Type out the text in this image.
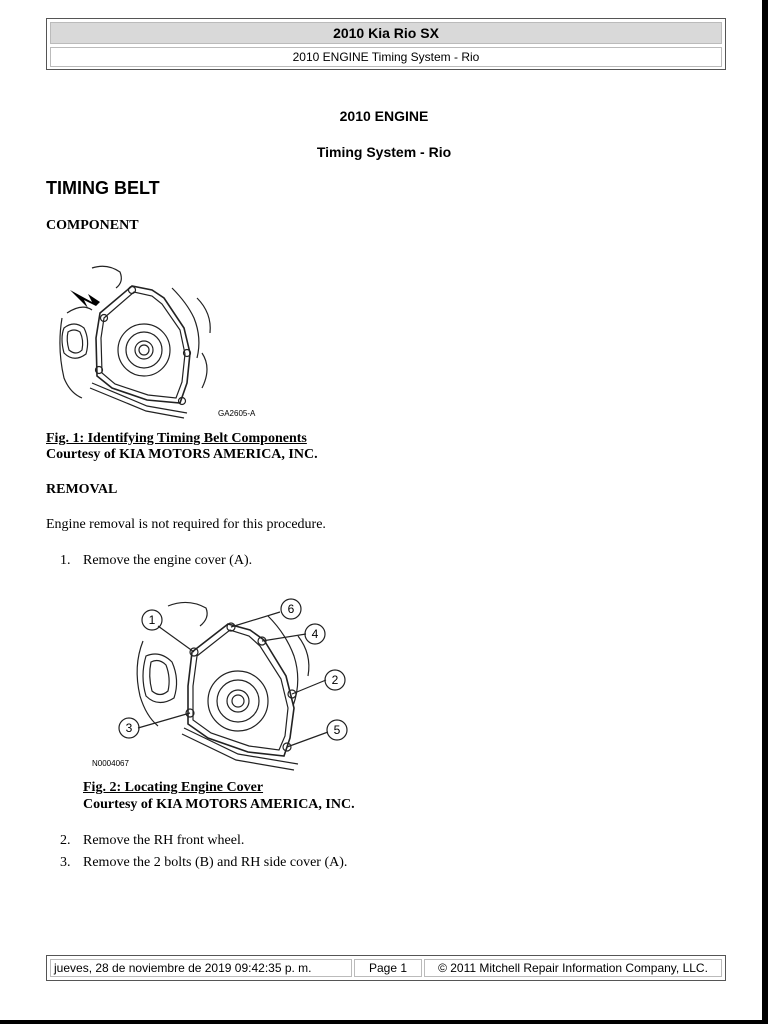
2010 Kia Rio SX
2010 ENGINE Timing System - Rio
2010 ENGINE
Timing System - Rio
TIMING BELT
COMPONENT
GA2605-A
Fig. 1: Identifying Timing Belt Components
Courtesy of KIA MOTORS AMERICA, INC.
REMOVAL
Engine removal is not required for this procedure.
1. Remove the engine cover (A).
1
2
3
4
5
6
N0004067
Fig. 2: Locating Engine Cover
Courtesy of KIA MOTORS AMERICA, INC.
2. Remove the RH front wheel.
3. Remove the 2 bolts (B) and RH side cover (A).
jueves, 28 de noviembre de 2019 09:42:35 p. m.	Page 1	© 2011 Mitchell Repair Information Company, LLC.
